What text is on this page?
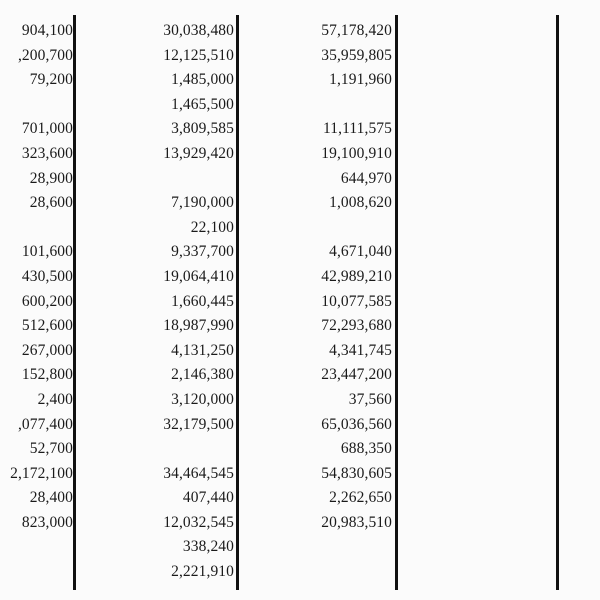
904,100
,200,700
79,200
701,000
323,600
28,900
28,600
101,600
430,500
600,200
512,600
267,000
152,800
2,400
,077,400
52,700
2,172,100
28,400
823,000
30,038,480
12,125,510
1,485,000
1,465,500
3,809,585
13,929,420
7,190,000
22,100
9,337,700
19,064,410
1,660,445
18,987,990
4,131,250
2,146,380
3,120,000
32,179,500
34,464,545
407,440
12,032,545
338,240
2,221,910
57,178,420
35,959,805
1,191,960
11,111,575
19,100,910
644,970
1,008,620
4,671,040
42,989,210
10,077,585
72,293,680
4,341,745
23,447,200
37,560
65,036,560
688,350
54,830,605
2,262,650
20,983,510
